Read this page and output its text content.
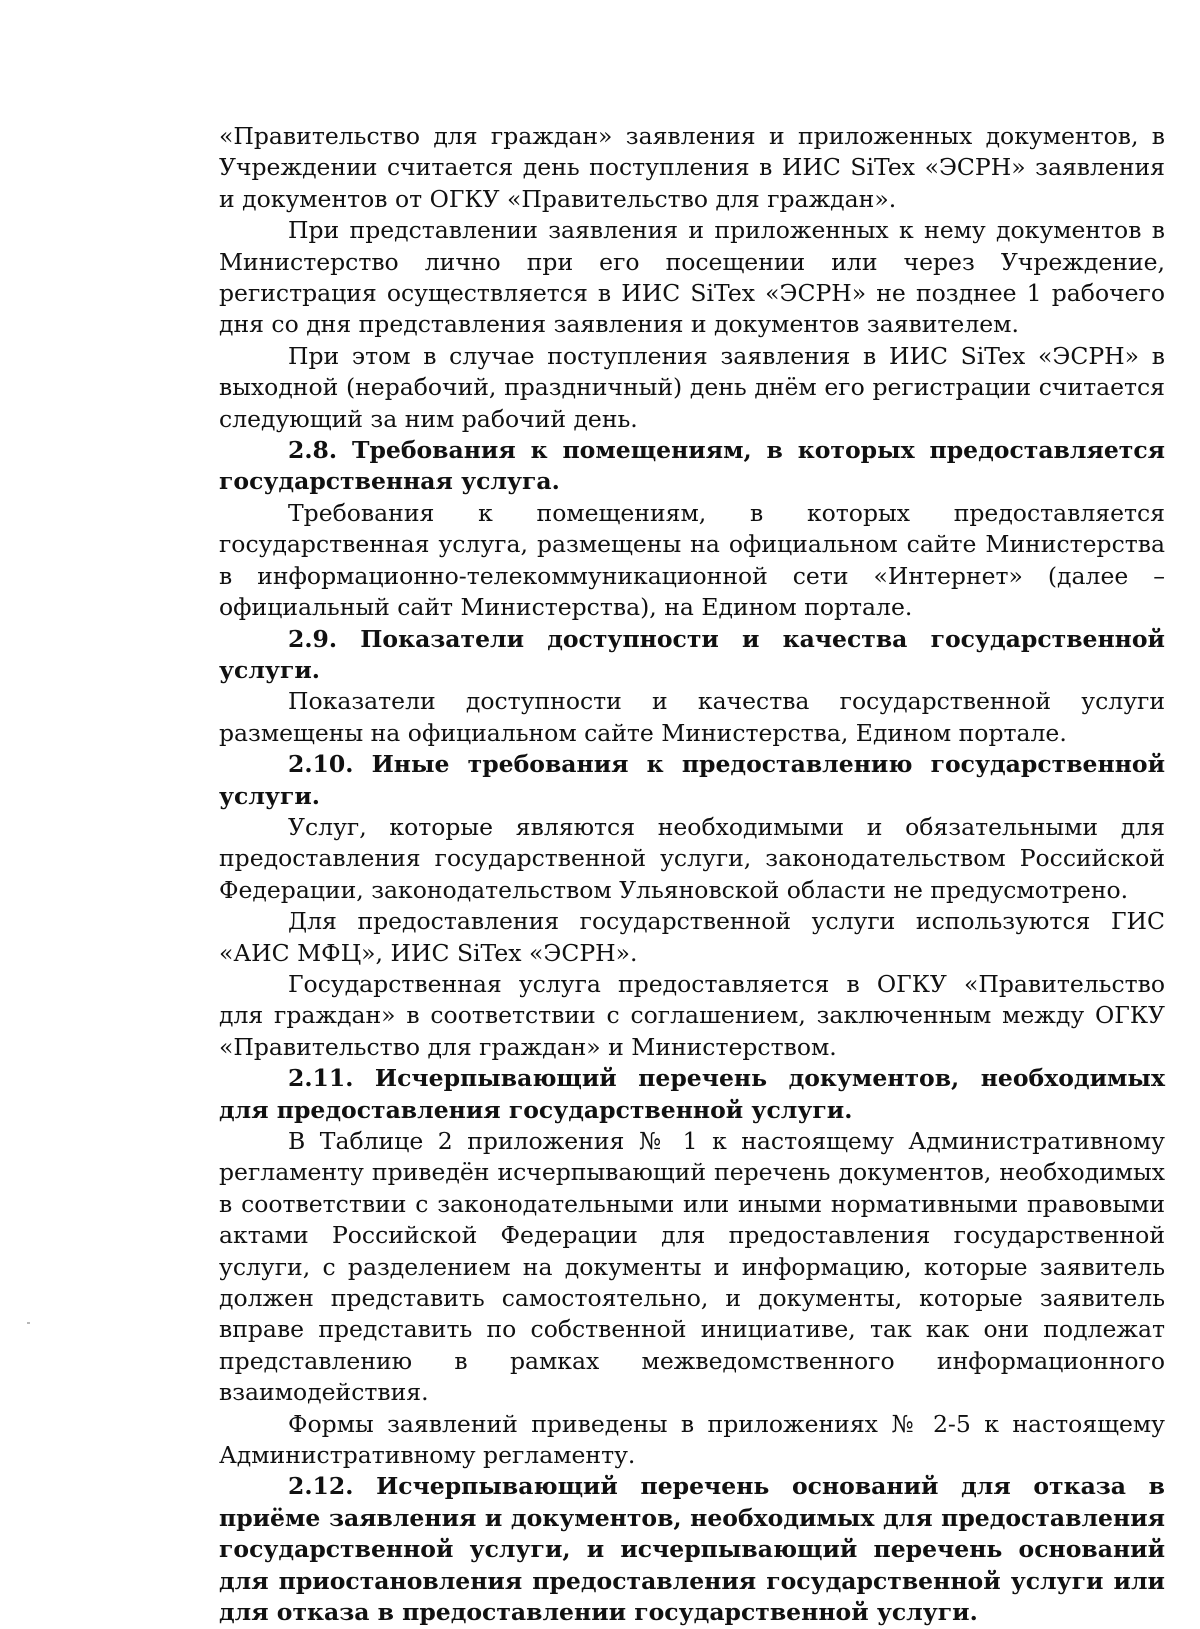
«Правительство для граждан» заявления и приложенных документов, в Учреждении считается день поступления в ИИС SiTex «ЭСРН» заявления и документов от ОГКУ «Правительство для граждан».

При представлении заявления и приложенных к нему документов в Министерство лично при его посещении или через Учреждение, регистрация осуществляется в ИИС SiTex «ЭСРН» не позднее 1 рабочего дня со дня представления заявления и документов заявителем.

При этом в случае поступления заявления в ИИС SiTex «ЭСРН» в выходной (нерабочий, праздничный) день днём его регистрации считается следующий за ним рабочий день.

2.8. Требования к помещениям, в которых предоставляется государственная услуга.

Требования к помещениям, в которых предоставляется государственная услуга, размещены на официальном сайте Министерства в информационно-телекоммуникационной сети «Интернет» (далее – официальный сайт Министерства), на Едином портале.

2.9. Показатели доступности и качества государственной услуги.

Показатели доступности и качества государственной услуги размещены на официальном сайте Министерства, Едином портале.

2.10. Иные требования к предоставлению государственной услуги.

Услуг, которые являются необходимыми и обязательными для предоставления государственной услуги, законодательством Российской Федерации, законодательством Ульяновской области не предусмотрено.

Для предоставления государственной услуги используются ГИС «АИС МФЦ», ИИС SiTex «ЭСРН».

Государственная услуга предоставляется в ОГКУ «Правительство для граждан» в соответствии с соглашением, заключенным между ОГКУ «Правительство для граждан» и Министерством.

2.11. Исчерпывающий перечень документов, необходимых для предоставления государственной услуги.

В Таблице 2 приложения № 1 к настоящему Административному регламенту приведён исчерпывающий перечень документов, необходимых в соответствии с законодательными или иными нормативными правовыми актами Российской Федерации для предоставления государственной услуги, с разделением на документы и информацию, которые заявитель должен представить самостоятельно, и документы, которые заявитель вправе представить по собственной инициативе, так как они подлежат представлению в рамках межведомственного информационного взаимодействия.

Формы заявлений приведены в приложениях № 2-5 к настоящему Административному регламенту.

2.12. Исчерпывающий перечень оснований для отказа в приёме заявления и документов, необходимых для предоставления государственной услуги, и исчерпывающий перечень оснований для приостановления предоставления государственной услуги или для отказа в предоставлении государственной услуги.
